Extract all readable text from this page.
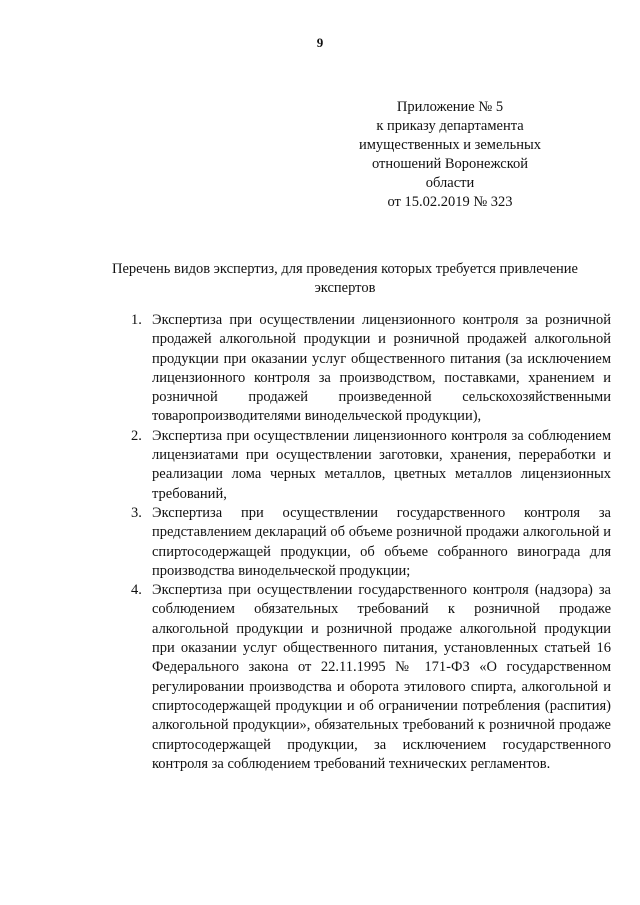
9
Приложение № 5
к приказу департамента
имущественных и земельных
отношений Воронежской
области
от 15.02.2019 № 323
Перечень видов экспертиз, для проведения которых требуется привлечение экспертов
1. Экспертиза при осуществлении лицензионного контроля за розничной продажей алкогольной продукции и розничной продажей алкогольной продукции при оказании услуг общественного питания (за исключением лицензионного контроля за производством, поставками, хранением и розничной продажей произведенной сельскохозяйственными товаропроизводителями винодельческой продукции),
2. Экспертиза при осуществлении лицензионного контроля за соблюдением лицензиатами при осуществлении заготовки, хранения, переработки и реализации лома черных металлов, цветных металлов лицензионных требований,
3. Экспертиза при осуществлении государственного контроля за представлением деклараций об объеме розничной продажи алкогольной и спиртосодержащей продукции, об объеме собранного винограда для производства винодельческой продукции;
4. Экспертиза при осуществлении государственного контроля (надзора) за соблюдением обязательных требований к розничной продаже алкогольной продукции и розничной продаже алкогольной продукции при оказании услуг общественного питания, установленных статьей 16 Федерального закона от 22.11.1995 № 171-ФЗ «О государственном регулировании производства и оборота этилового спирта, алкогольной и спиртосодержащей продукции и об ограничении потребления (распития) алкогольной продукции», обязательных требований к розничной продаже спиртосодержащей продукции, за исключением государственного контроля за соблюдением требований технических регламентов.
